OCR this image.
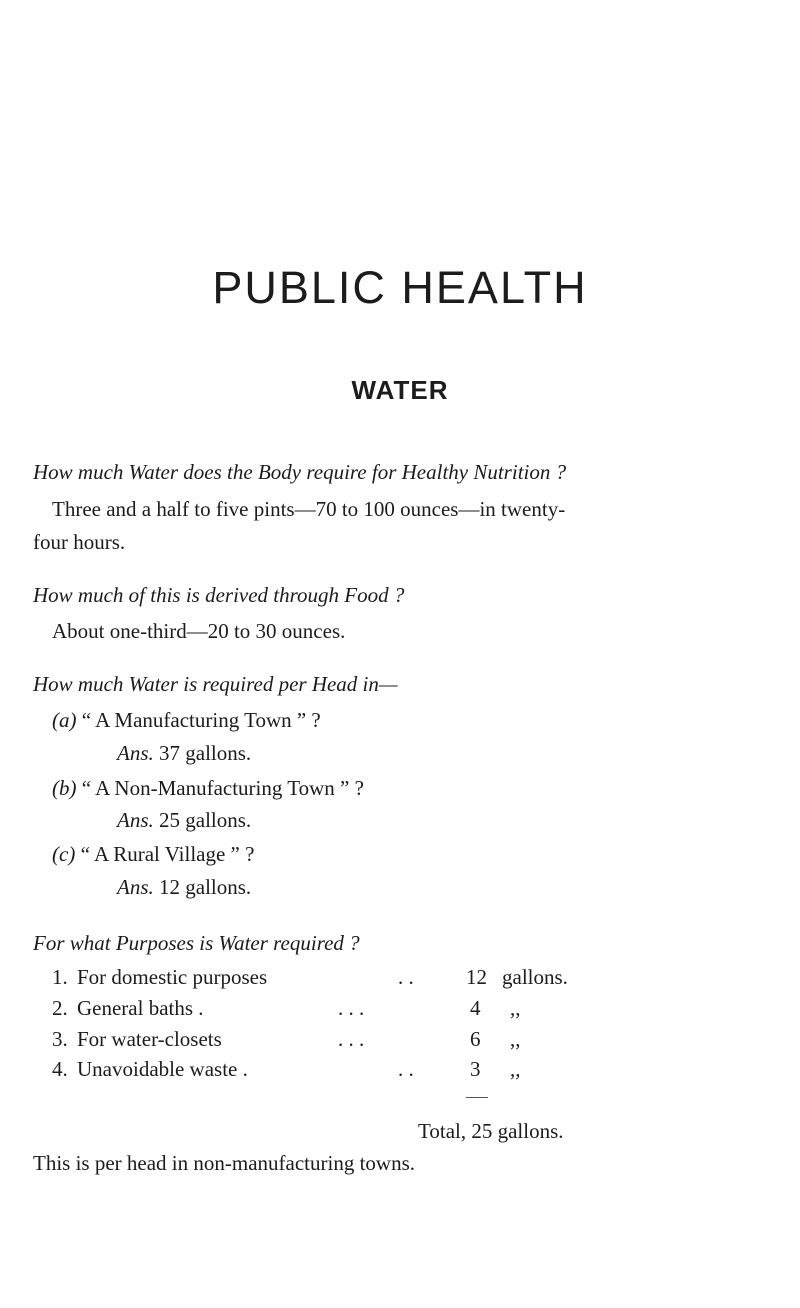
PUBLIC HEALTH
WATER
How much Water does the Body require for Healthy Nutrition ?
Three and a half to five pints—70 to 100 ounces—in twenty-
four hours.
How much of this is derived through Food ?
About one-third—20 to 30 ounces.
How much Water is required per Head in—
(a) “ A Manufacturing Town ” ?
Ans. 37 gallons.
(b) “ A Non-Manufacturing Town ” ?
Ans. 25 gallons.
(c) “ A Rural Village ” ?
Ans. 12 gallons.
For what Purposes is Water required ?
1. For domestic purposes	. . 12 gallons.
2. General baths .	. . .	4 ,,
3. For water-closets	. . .	6 ,,
4. Unavoidable waste .	. .	3 ,,
Total, 25 gallons.
This is per head in non-manufacturing towns.
